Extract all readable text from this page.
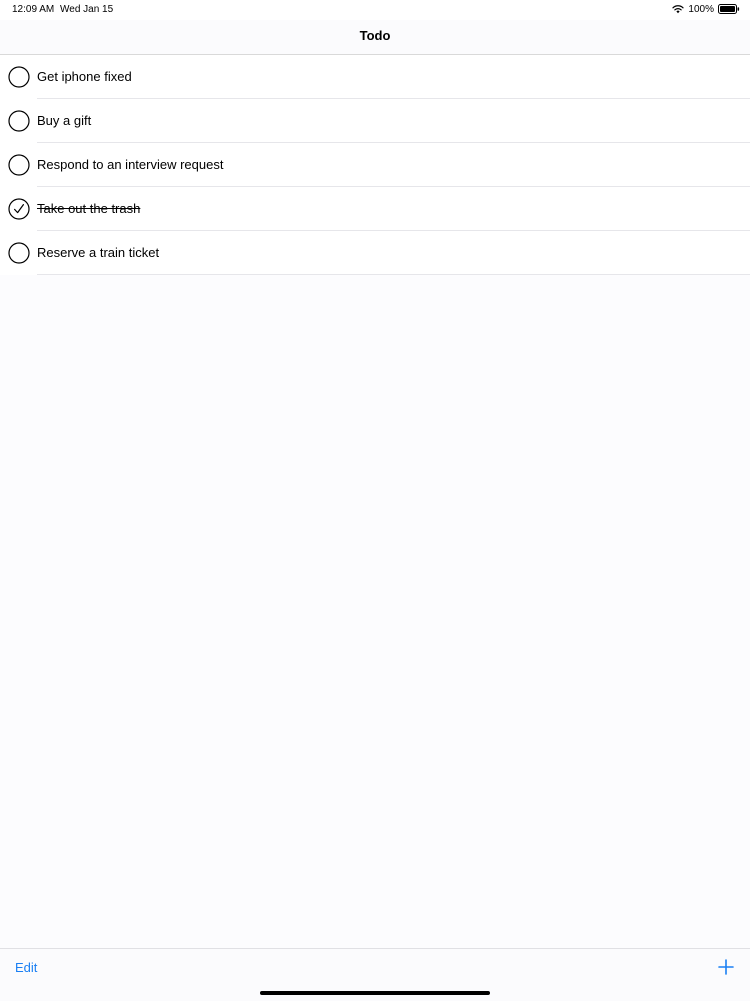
12:09 AM Wed Jan 15	100%
Todo
Get iphone fixed
Buy a gift
Respond to an interview request
Take out the trash
Reserve a train ticket
Edit
